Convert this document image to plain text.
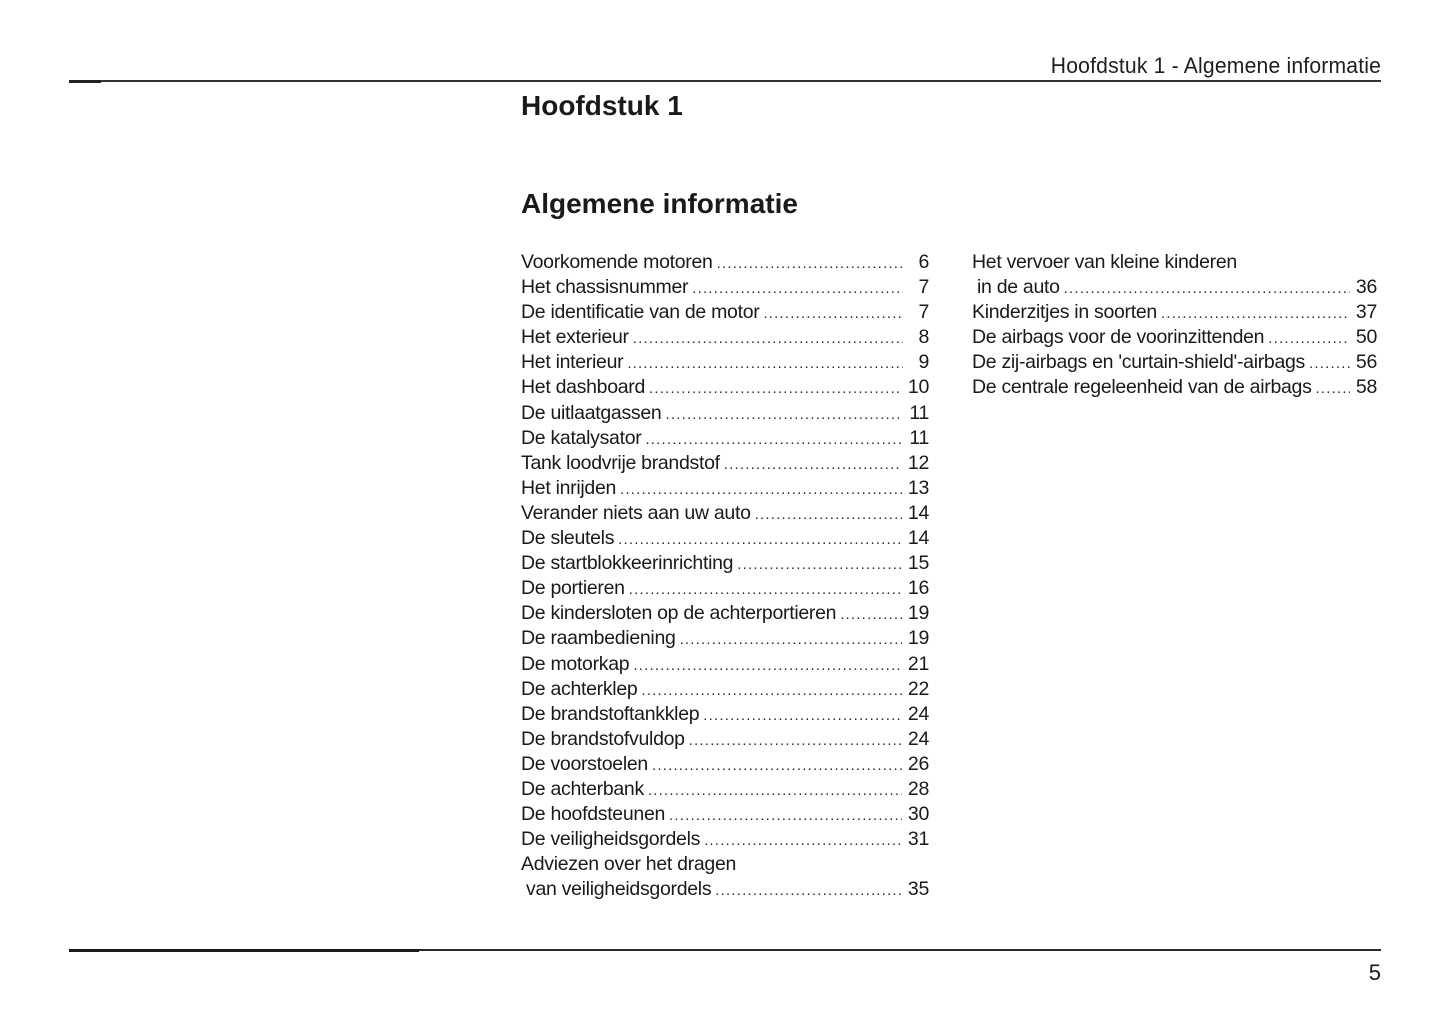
Hoofdstuk 1 - Algemene informatie
Hoofdstuk 1
Algemene informatie
Voorkomende motoren .....	6
Het chassisnummer .....	7
De identificatie van de motor .....	7
Het exterieur .....	8
Het interieur .....	9
Het dashboard .....	10
De uitlaatgassen .....	11
De katalysator .....	11
Tank loodvrije brandstof .....	12
Het inrijden .....	13
Verander niets aan uw auto .....	14
De sleutels .....	14
De startblokkeerinrichting .....	15
De portieren .....	16
De kindersloten op de achterportieren .....	19
De raambediening .....	19
De motorkap .....	21
De achterklep .....	22
De brandstoftankklep .....	24
De brandstofvuldop .....	24
De voorstoelen .....	26
De achterbank .....	28
De hoofdsteunen .....	30
De veiligheidsgordels .....	31
Adviezen over het dragen
van veiligheidsgordels .....	35
Het vervoer van kleine kinderen
in de auto .....	36
Kinderzitjes in soorten .....	37
De airbags voor de voorinzittenden .....	50
De zij-airbags en 'curtain-shield'-airbags .....	56
De centrale regeleenheid van de airbags ..... 58
5
